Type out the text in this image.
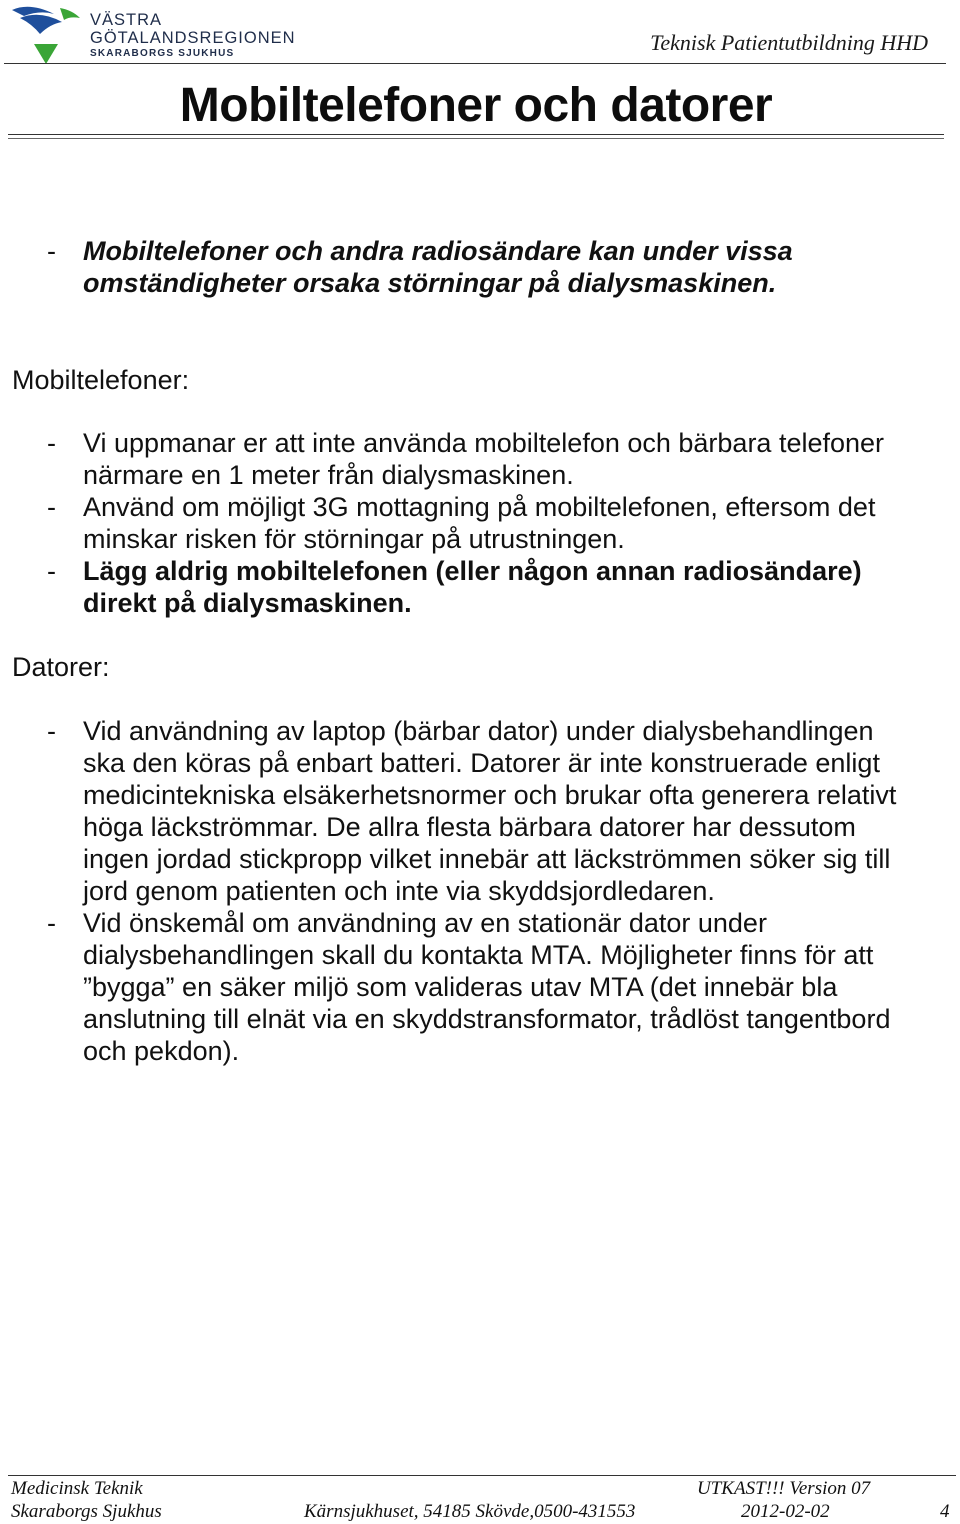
VÄSTRA
GÖTALANDSREGIONEN
SKARABORGS SJUKHUS	Teknisk Patientutbildning HHD
Mobiltelefoner och datorer
-	Mobiltelefoner och andra radiosändare kan under vissa
omständigheter orsaka störningar på dialysmaskinen.
Mobiltelefoner:
-	Vi uppmanar er att inte använda mobiltelefon och bärbara telefoner
närmare en 1 meter från dialysmaskinen.
-	Använd om möjligt 3G mottagning på mobiltelefonen, eftersom det
minskar risken för störningar på utrustningen.
-	Lägg aldrig mobiltelefonen (eller någon annan radiosändare)
direkt på dialysmaskinen.
Datorer:
-	Vid användning av laptop (bärbar dator) under dialysbehandlingen
ska den köras på enbart batteri. Datorer är inte konstruerade enligt
medicintekniska elsäkerhetsnormer och brukar ofta generera relativt
höga läckströmmar. De allra flesta bärbara datorer har dessutom
ingen jordad stickpropp vilket innebär att läckströmmen söker sig till
jord genom patienten och inte via skyddsjordledaren.
-	Vid önskemål om användning av en stationär dator under
dialysbehandlingen skall du kontakta MTA. Möjligheter finns för att
”bygga” en säker miljö som valideras utav MTA (det innebär bla
anslutning till elnät via en skyddstransformator, trådlöst tangentbord
och pekdon).
Medicinsk Teknik
Skaraborgs Sjukhus	Kärnsjukhuset, 54185 Skövde,0500-431553
UTKAST!!! Version 07
2012-02-02	4
